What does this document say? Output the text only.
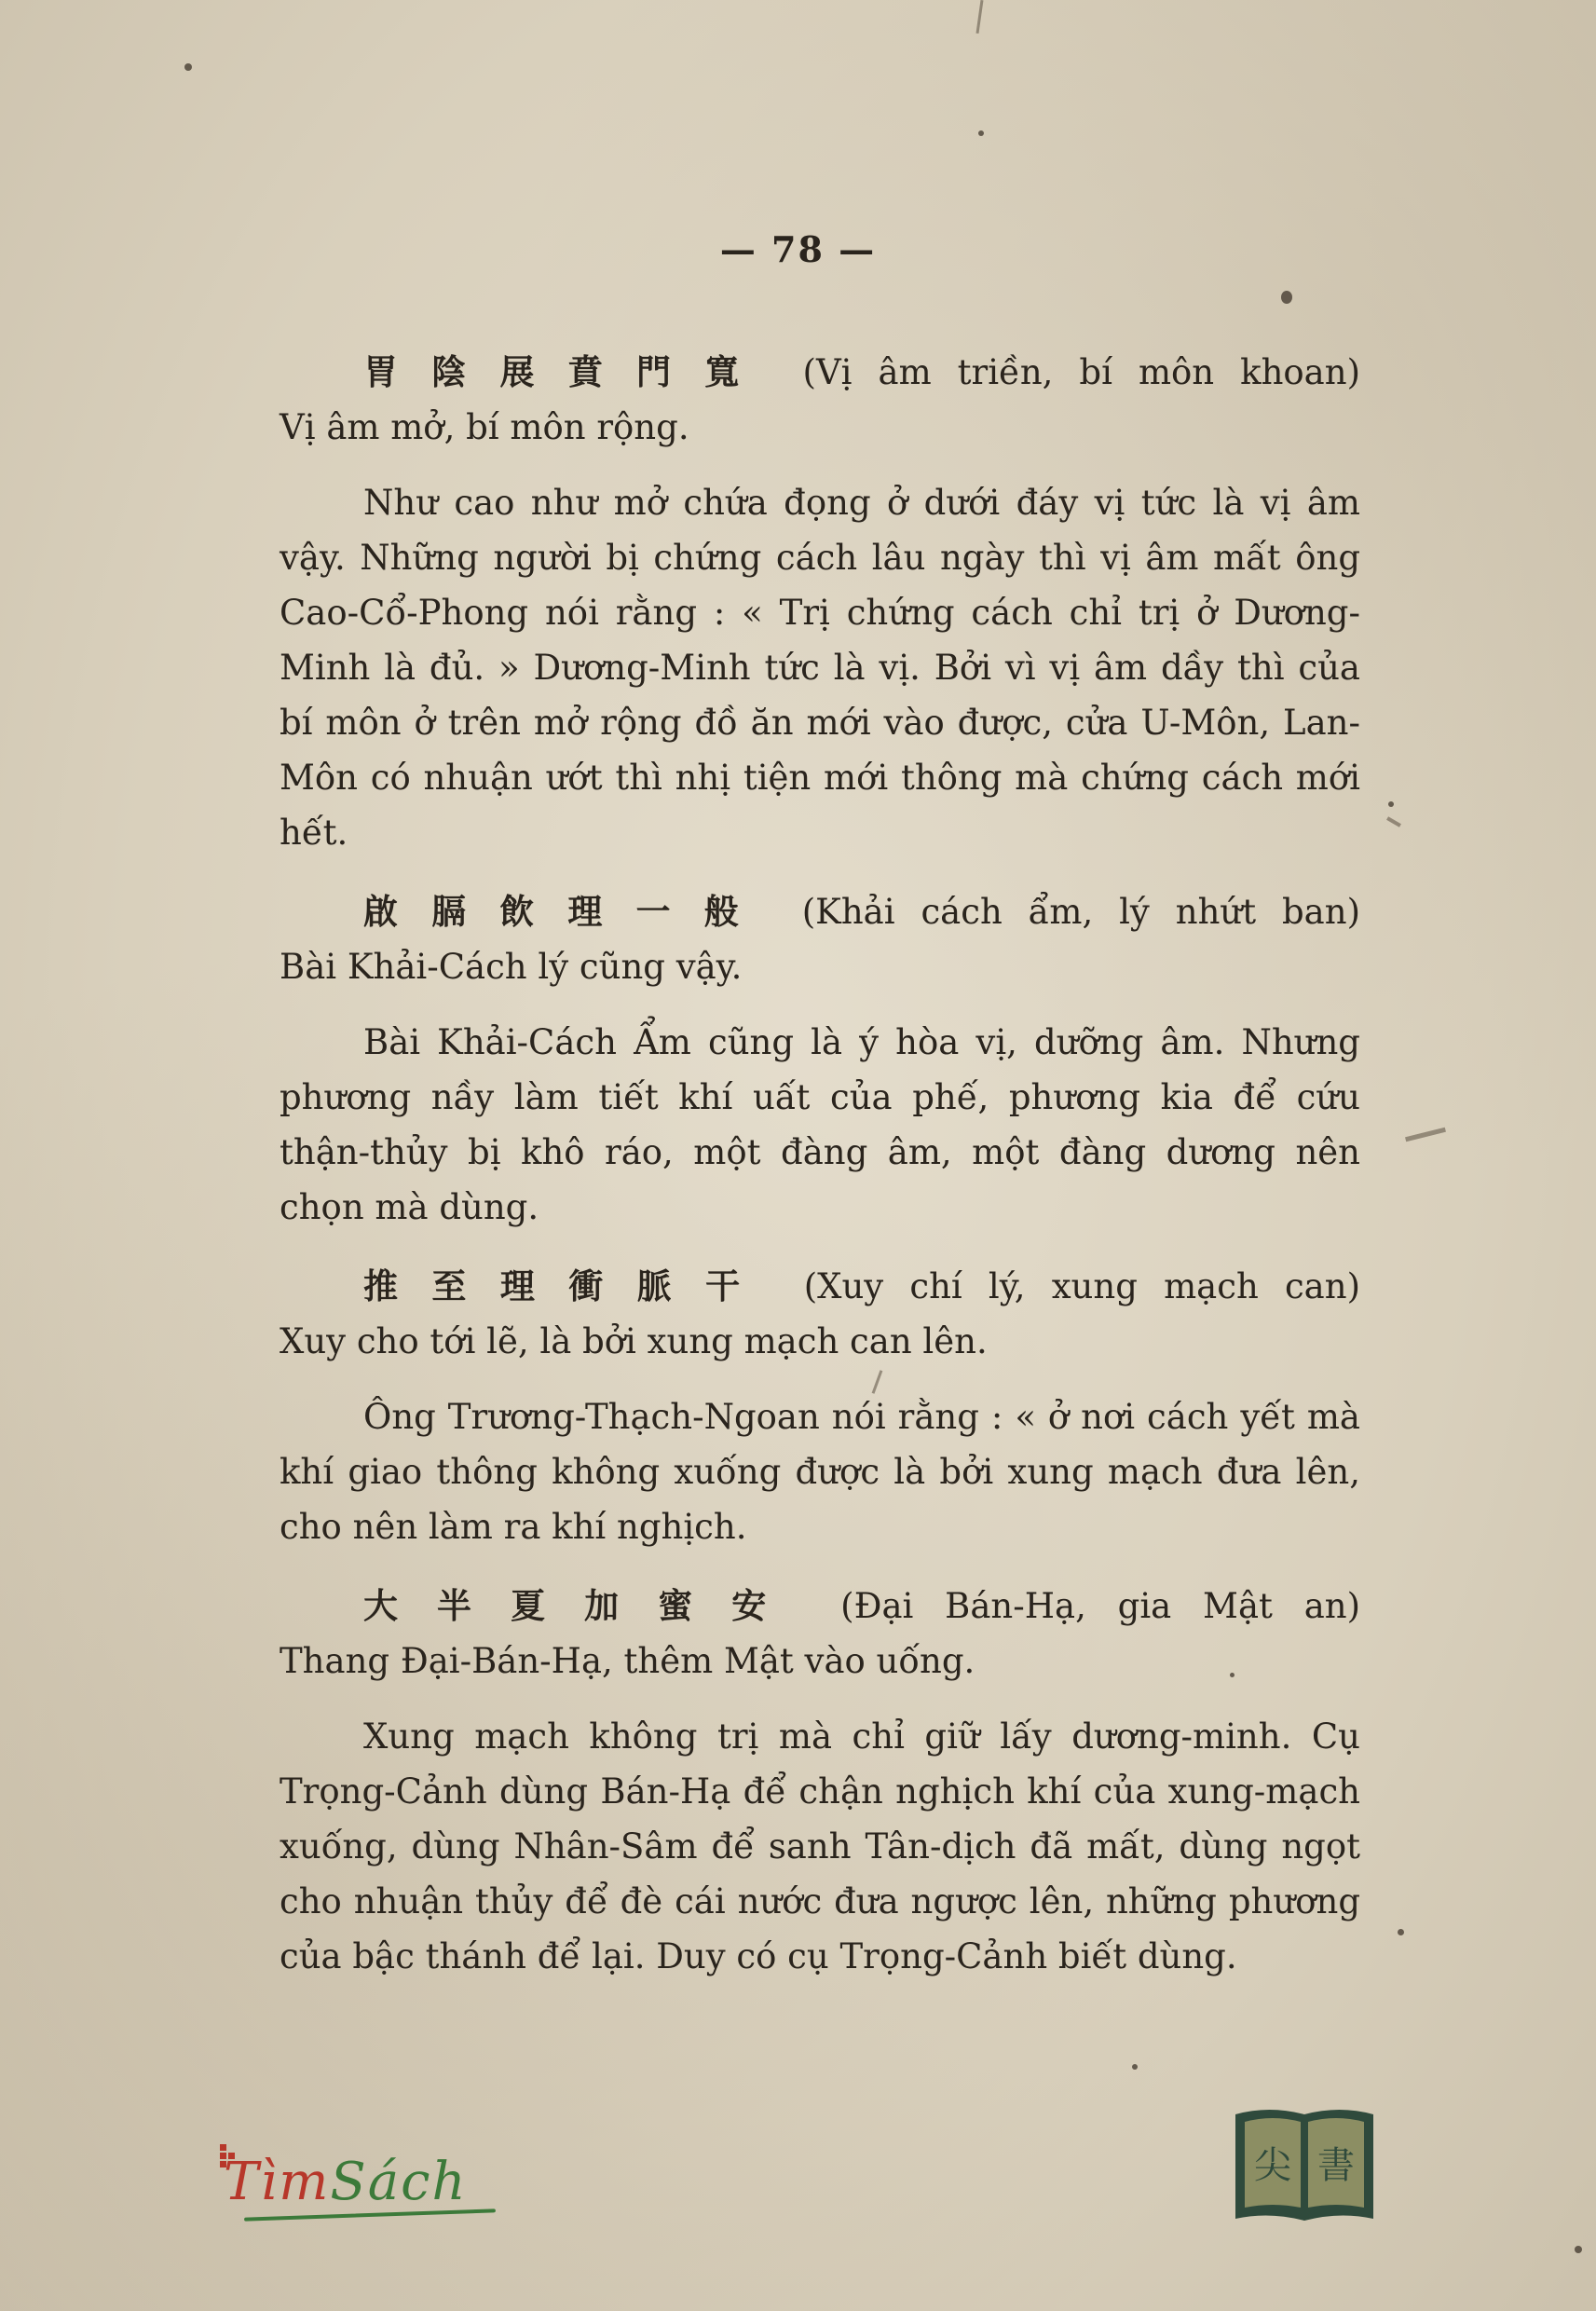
— 78 —

胃陰展賁門寬 (Vị âm triền, bí môn khoan)

Vị âm mở, bí môn rộng.

Như cao như mở chứa đọng ở dưới đáy vị tức là vị âm vậy. Những người bị chứng cách lâu ngày thì vị âm mất ông Cao-Cổ-Phong nói rằng : « Trị chứng cách chỉ trị ở Dương-Minh là đủ. » Dương-Minh tức là vị. Bởi vì vị âm dầy thì của bí môn ở trên mở rộng đồ ăn mới vào được, cửa U-Môn, Lan-Môn có nhuận ướt thì nhị tiện mới thông mà chứng cách mới hết.

啟膈飲理一般 (Khải cách ẩm, lý nhứt ban)

Bài Khải-Cách lý cũng vậy.

Bài Khải-Cách Ẩm cũng là ý hòa vị, dưỡng âm. Nhưng phương nầy làm tiết khí uất của phế, phương kia để cứu thận-thủy bị khô ráo, một đàng âm, một đàng dương nên chọn mà dùng.

推至理衝脈干 (Xuy chí lý, xung mạch can)

Xuy cho tới lẽ, là bởi xung mạch can lên.

Ông Trương-Thạch-Ngoan nói rằng : « ở nơi cách yết mà khí giao thông không xuống được là bởi xung mạch đưa lên, cho nên làm ra khí nghịch.

大半夏加蜜安 (Đại Bán-Hạ, gia Mật an)

Thang Đại-Bán-Hạ, thêm Mật vào uống.

Xung mạch không trị mà chỉ giữ lấy dương-minh. Cụ Trọng-Cảnh dùng Bán-Hạ để chận nghịch khí của xung-mạch xuống, dùng Nhân-Sâm để sanh Tân-dịch đã mất, dùng ngọt cho nhuận thủy để đè cái nước đưa ngược lên, những phương của bậc thánh để lại. Duy có cụ Trọng-Cảnh biết dùng.

TìmSách	尖 書
